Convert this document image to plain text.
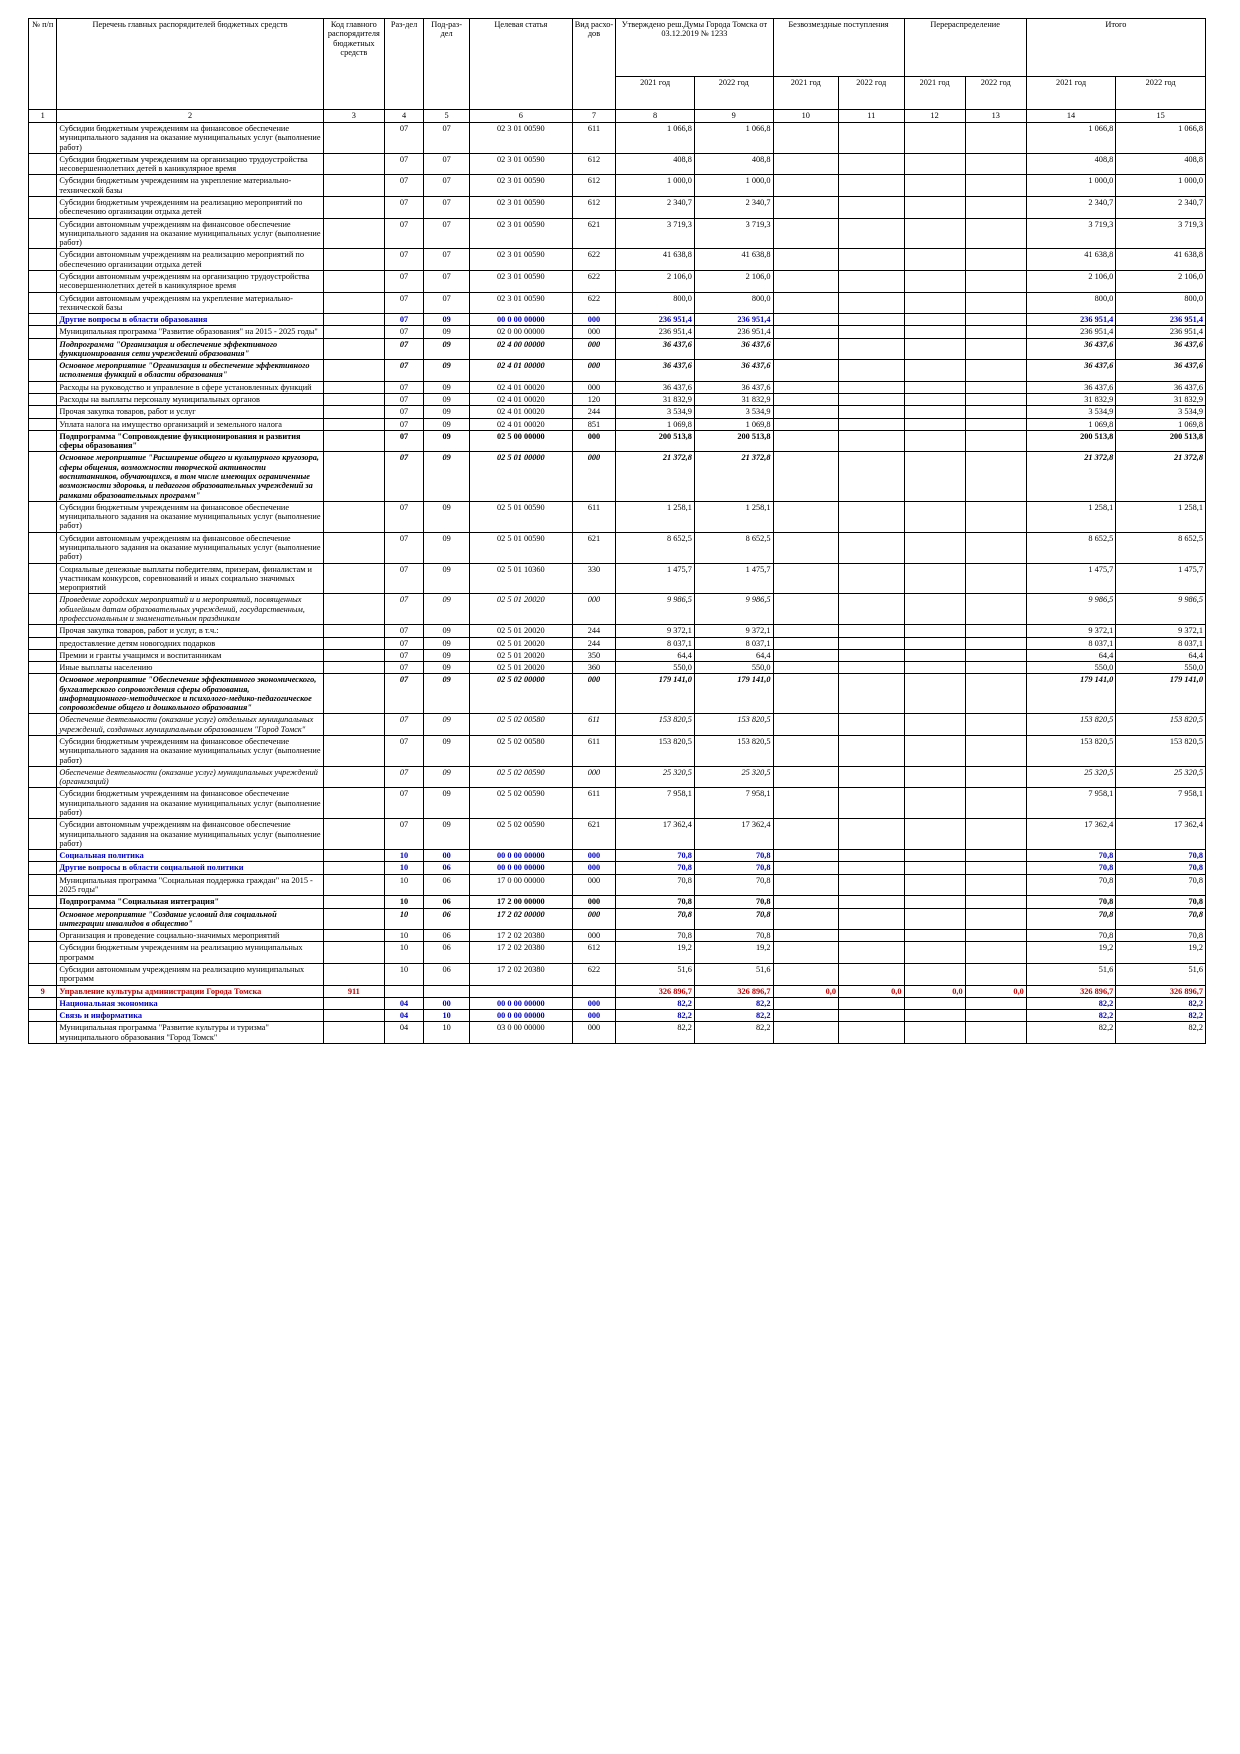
№ п/п	Перечень главных распорядителей бюджетных средств	Код главного распорядителя бюджетных средств	Раз-дел	Под-раз-дел	Целевая статья	Вид расхо-дов	Утверждено реш.Думы Города Томска от 03.12.2019 № 1233		Безвозмездные поступления		Перераспределение		Итого	
							2021 год	2022 год	2021 год	2022 год	2021 год	2022 год	2021 год	2022 год
1	2	3	4	5	6	7	8	9	10	11	12	13	14	15
	Субсидии бюджетным учреждениям на финансовое обеспечение муниципального задания на оказание муниципальных услуг (выполнение работ)		07	07	02 3 01 00590	611	1 066,8	1 066,8					1 066,8	1 066,8
	Субсидии бюджетным учреждениям на организацию трудоустройства несовершеннолетних детей в каникулярное время		07	07	02 3 01 00590	612	408,8	408,8					408,8	408,8
	Субсидии бюджетным учреждениям на укрепление материально-технической базы		07	07	02 3 01 00590	612	1 000,0	1 000,0					1 000,0	1 000,0
	Субсидии бюджетным учреждениям на реализацию мероприятий по обеспечению организации отдыха детей		07	07	02 3 01 00590	612	2 340,7	2 340,7					2 340,7	2 340,7
	Субсидии автономным учреждениям на финансовое обеспечение муниципального задания на оказание муниципальных услуг (выполнение работ)		07	07	02 3 01 00590	621	3 719,3	3 719,3					3 719,3	3 719,3
	Субсидии автономным учреждениям на реализацию мероприятий по обеспечению организации отдыха детей		07	07	02 3 01 00590	622	41 638,8	41 638,8					41 638,8	41 638,8
	Субсидии автономным учреждениям на организацию трудоустройства несовершеннолетних детей в каникулярное время		07	07	02 3 01 00590	622	2 106,0	2 106,0					2 106,0	2 106,0
	Субсидии автономным учреждениям на укрепление материально-технической базы		07	07	02 3 01 00590	622	800,0	800,0					800,0	800,0
	Другие вопросы в области образования		07	09	00 0 00 00000	000	236 951,4	236 951,4					236 951,4	236 951,4
	Муниципальная программа "Развитие образования" на 2015 - 2025 годы"		07	09	02 0 00 00000	000	236 951,4	236 951,4					236 951,4	236 951,4
	Подпрограмма "Организация и обеспечение эффективного функционирования сети учреждений образования"		07	09	02 4 00 00000	000	36 437,6	36 437,6					36 437,6	36 437,6
	Основное мероприятие "Организация и обеспечение эффективного исполнения функций в области образования"		07	09	02 4 01 00000	000	36 437,6	36 437,6					36 437,6	36 437,6
	Расходы на руководство и управление в сфере установленных функций		07	09	02 4 01 00020	000	36 437,6	36 437,6					36 437,6	36 437,6
	Расходы на выплаты персоналу муниципальных органов		07	09	02 4 01 00020	120	31 832,9	31 832,9					31 832,9	31 832,9
	Прочая закупка товаров, работ и услуг		07	09	02 4 01 00020	244	3 534,9	3 534,9					3 534,9	3 534,9
	Уплата налога на имущество организаций и земельного налога		07	09	02 4 01 00020	851	1 069,8	1 069,8					1 069,8	1 069,8
	Подпрограмма "Сопровождение функционирования и развития сферы образования"		07	09	02 5 00 00000	000	200 513,8	200 513,8					200 513,8	200 513,8
	Основное мероприятие "Расширение общего и культурного кругозора, сферы общения, возможности творческой активности воспитанников, обучающихся, в том числе имеющих ограниченные возможности здоровья, и педагогов образовательных учреждений за рамками образовательных программ"		07	09	02 5 01 00000	000	21 372,8	21 372,8					21 372,8	21 372,8
	Субсидии бюджетным учреждениям на финансовое обеспечение муниципального задания на оказание муниципальных услуг (выполнение работ)		07	09	02 5 01 00590	611	1 258,1	1 258,1					1 258,1	1 258,1
	Субсидии автономным учреждениям на финансовое обеспечение муниципального задания на оказание муниципальных услуг (выполнение работ)		07	09	02 5 01 00590	621	8 652,5	8 652,5					8 652,5	8 652,5
	Социальные денежные выплаты победителям, призерам, финалистам и участникам конкурсов, соревнований и иных социально значимых мероприятий		07	09	02 5 01 10360	330	1 475,7	1 475,7					1 475,7	1 475,7
	Проведение городских мероприятий и и мероприятий, посвященных юбилейным датам образовательных учреждений, государственным, профессиональным и знаменательным праздникам		07	09	02 5 01 20020	000	9 986,5	9 986,5					9 986,5	9 986,5
	Прочая закупка товаров, работ и услуг, в т.ч.:		07	09	02 5 01 20020	244	9 372,1	9 372,1					9 372,1	9 372,1
	предоставление детям новогодних подарков		07	09	02 5 01 20020	244	8 037,1	8 037,1					8 037,1	8 037,1
	Премии и гранты учащимся и воспитанникам		07	09	02 5 01 20020	350	64,4	64,4					64,4	64,4
	Иные выплаты населению		07	09	02 5 01 20020	360	550,0	550,0					550,0	550,0
	Основное мероприятие "Обеспечение эффективного экономического, бухгалтерского сопровождения сферы образования, информационного-методическое и психолого-медико-педагогическое сопровождение общего и дошкольного образования"		07	09	02 5 02 00000	000	179 141,0	179 141,0					179 141,0	179 141,0
	Обеспечение деятельности (оказание услуг) отдельных муниципальных учреждений, созданных муниципальным образованием "Город Томск"		07	09	02 5 02 00580	611	153 820,5	153 820,5					153 820,5	153 820,5
	Субсидии бюджетным учреждениям на финансовое обеспечение муниципального задания на оказание муниципальных услуг (выполнение работ)		07	09	02 5 02 00580	611	153 820,5	153 820,5					153 820,5	153 820,5
	Обеспечение деятельности (оказание услуг) муниципальных учреждений (организаций)		07	09	02 5 02 00590	000	25 320,5	25 320,5					25 320,5	25 320,5
	Субсидии бюджетным учреждениям на финансовое обеспечение муниципального задания на оказание муниципальных услуг (выполнение работ)		07	09	02 5 02 00590	611	7 958,1	7 958,1					7 958,1	7 958,1
	Субсидии автономным учреждениям на финансовое обеспечение муниципального задания на оказание муниципальных услуг (выполнение работ)		07	09	02 5 02 00590	621	17 362,4	17 362,4					17 362,4	17 362,4
	Социальная политика		10	00	00 0 00 00000	000	70,8	70,8					70,8	70,8
	Другие вопросы в области социальной политики		10	06	00 0 00 00000	000	70,8	70,8					70,8	70,8
	Муниципальная программа "Социальная поддержка граждан" на 2015 - 2025 годы"		10	06	17 0 00 00000	000	70,8	70,8					70,8	70,8
	Подпрограмма "Социальная интеграция"		10	06	17 2 00 00000	000	70,8	70,8					70,8	70,8
	Основное мероприятие "Создание условий для социальной интеграции инвалидов в общество"		10	06	17 2 02 00000	000	70,8	70,8					70,8	70,8
	Организация и проведение социально-значимых мероприятий		10	06	17 2 02 20380	000	70,8	70,8					70,8	70,8
	Субсидии бюджетным учреждениям на реализацию муниципальных программ		10	06	17 2 02 20380	612	19,2	19,2					19,2	19,2
	Субсидии автономным учреждениям на реализацию муниципальных программ		10	06	17 2 02 20380	622	51,6	51,6					51,6	51,6
9	Управление культуры администрации Города Томска	911					326 896,7	326 896,7	0,0	0,0	0,0	0,0	326 896,7	326 896,7
	Национальная экономика		04	00	00 0 00 00000	000	82,2	82,2					82,2	82,2
	Связь и информатика		04	10	00 0 00 00000	000	82,2	82,2					82,2	82,2
	Муниципальная программа "Развитие культуры и туризма" муниципального образования "Город Томск"		04	10	03 0 00 00000	000	82,2	82,2					82,2	82,2
